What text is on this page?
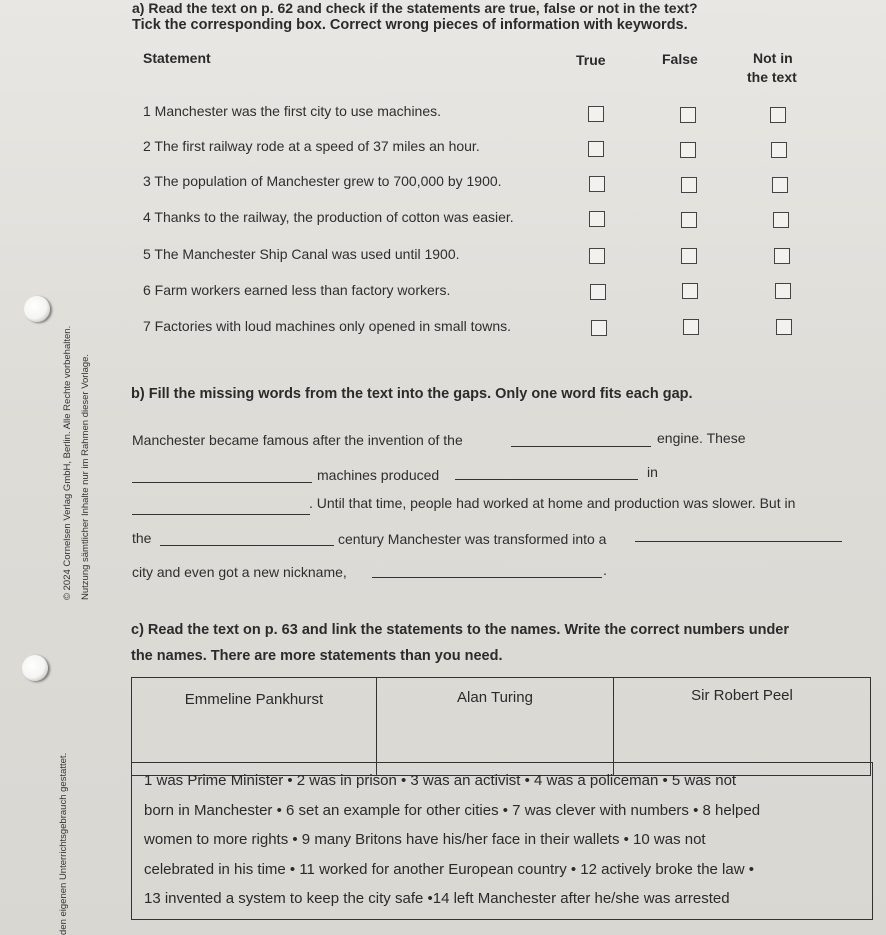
a) Read the text on p. 62 and check if the statements are true, false or not in the text?
Tick the corresponding box. Correct wrong pieces of information with keywords.
Statement	True	False	Not in
the text
1 Manchester was the first city to use machines.
2 The first railway rode at a speed of 37 miles an hour.
3 The population of Manchester grew to 700,000 by 1900.
4 Thanks to the railway, the production of cotton was easier.
5 The Manchester Ship Canal was used until 1900.
6 Farm workers earned less than factory workers.
7 Factories with loud machines only opened in small towns.
b) Fill the missing words from the text into the gaps. Only one word fits each gap.
Manchester became famous after the invention of the	engine. These
machines produced	in
. Until that time, people had worked at home and production was slower. But in
the	century Manchester was transformed into a
city and even got a new nickname,	.
c) Read the text on p. 63 and link the statements to the names. Write the correct numbers under
the names. There are more statements than you need.
Emmeline Pankhurst	Alan Turing	Sir Robert Peel
1 was Prime Minister • 2 was in prison • 3 was an activist • 4 was a policeman • 5 was not
born in Manchester • 6 set an example for other cities • 7 was clever with numbers • 8 helped
women to more rights • 9 many Britons have his/her face in their wallets • 10 was not
celebrated in his time • 11 worked for another European country • 12 actively broke the law •
13 invented a system to keep the city safe •14 left Manchester after he/she was arrested
© 2024 Cornelsen Verlag GmbH, Berlin. Alle Rechte vorbehalten. Nutzung sämtlicher Inhalte nur im Rahmen dieser Vorlage.
den eigenen Unterrichtsgebrauch gestattet.
